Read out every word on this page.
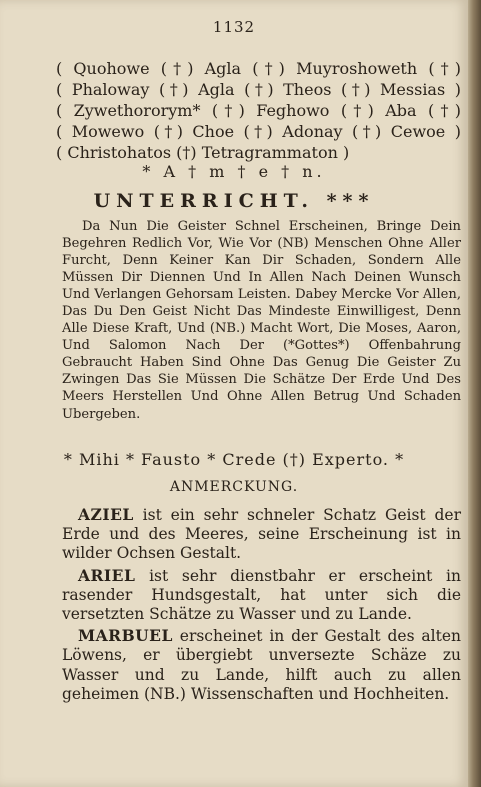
1132
( Quohowe (†) Agla (†) Muyroshoweth (†)
( Phaloway (†) Agla (†) Theos (†) Messias )
( Zywethororym* (†) Feghowo (†) Aba (†)
( Mowewo (†) Choe (†) Adonay (†) Cewoe )
( Christohatos (†) Tetragrammaton )
* A † m † e † n.
UNTERRICHT. ***

Da Nun Die Geister Schnel Erscheinen, Bringe Dein Begehren Redlich Vor, Wie Vor (NB) Menschen Ohne Aller Furcht, Denn Keiner Kan Dir Schaden, Sondern Alle Müssen Dir Diennen Und In Allen Nach Deinen Wunsch Und Verlangen Gehorsam Leisten. Dabey Mercke Vor Allen, Das Du Den Geist Nicht Das Mindeste Einwilligest, Denn Alle Diese Kraft, Und (NB.) Macht Wort, Die Moses, Aaron, Und Salomon Nach Der (*Gottes*) Offenbahrung Gebraucht Haben Sind Ohne Das Genug Die Geister Zu Zwingen Das Sie Müssen Die Schätze Der Erde Und Des Meers Herstellen Und Ohne Allen Betrug Und Schaden Ubergeben.

* Mihi * Fausto * Crede (†) Experto. *
ANMERCKUNG.

AZIEL ist ein sehr schneler Schatz Geist der Erde und des Meeres, seine Erscheinung ist in wilder Ochsen Gestalt.

ARIEL ist sehr dienstbahr er erscheint in rasender Hundsgestalt, hat unter sich die versetzten Schätze zu Wasser und zu Lande.

MARBUEL erscheinet in der Gestalt des alten Löwens, er übergiebt unversezte Schäze zu Wasser und zu Lande, hilft auch zu allen geheimen (NB.) Wissenschaften und Hochheiten.
